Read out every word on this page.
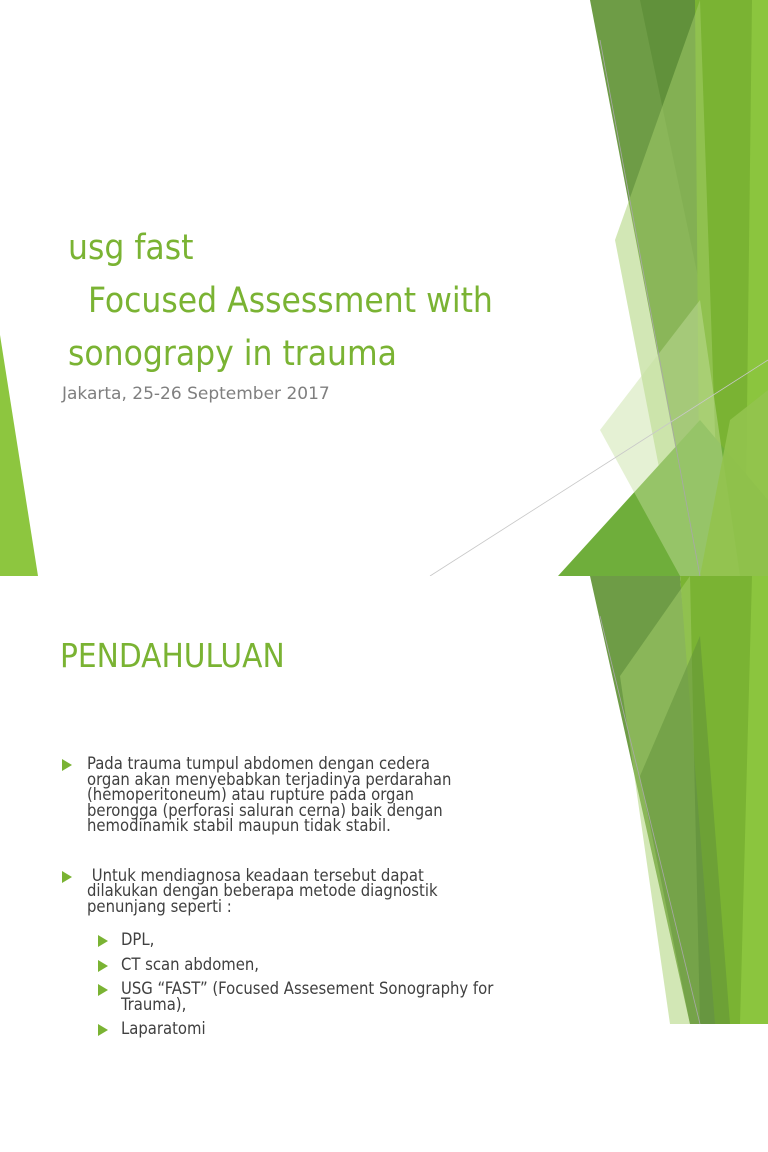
usg fast
Focused Assessment with
sonograpy in trauma
Jakarta, 25-26 September 2017
PENDAHULUAN
Pada trauma tumpul abdomen dengan cedera
organ akan menyebabkan terjadinya perdarahan
(hemoperitoneum) atau rupture pada organ
berongga (perforasi saluran cerna) baik dengan
hemodinamik stabil maupun tidak stabil.
Untuk mendiagnosa keadaan tersebut dapat
dilakukan dengan beberapa metode diagnostik
penunjang seperti :
DPL,
CT scan abdomen,
USG “FAST” (Focused Assesement Sonography for
Trauma),
Laparatomi
